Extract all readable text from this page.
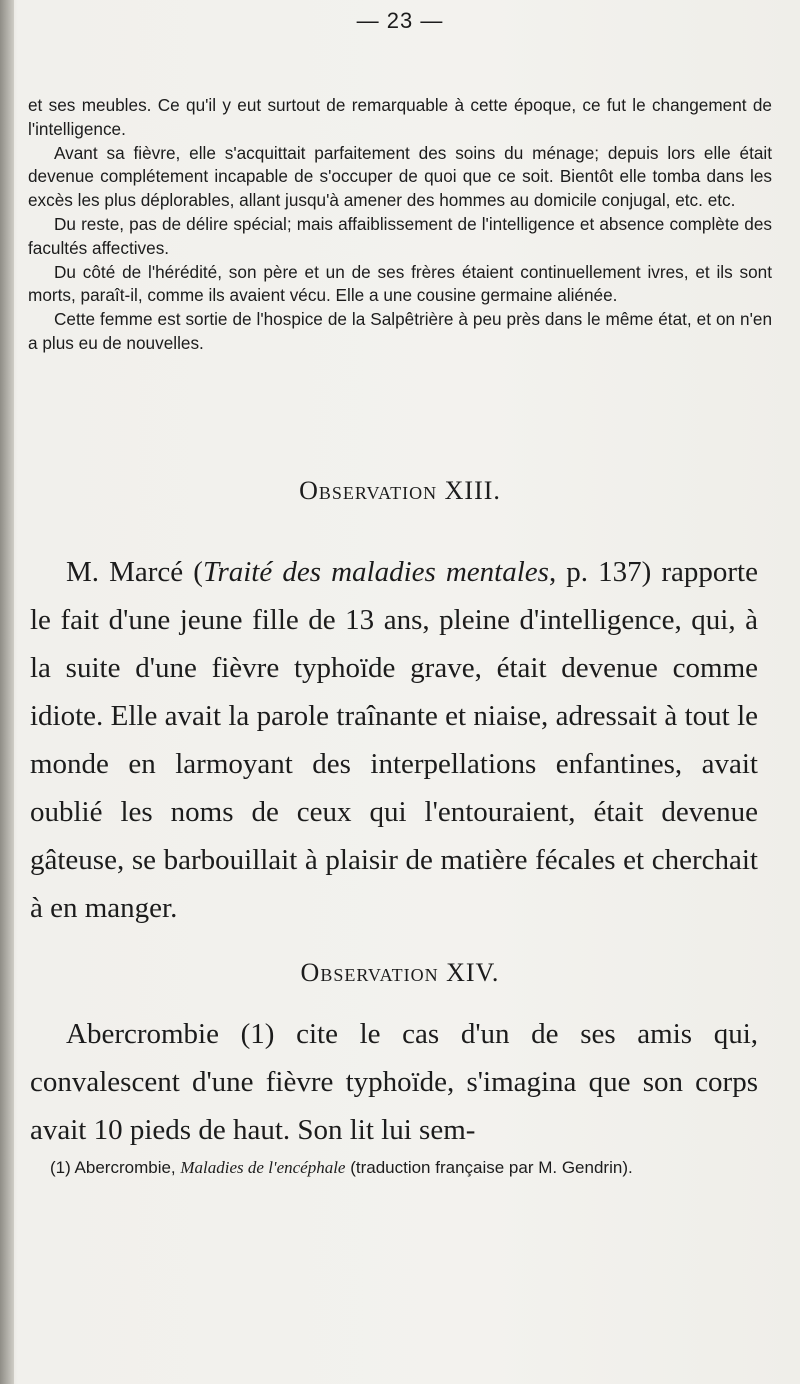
— 23 —

et ses meubles. Ce qu'il y eut surtout de remarquable à cette époque, ce fut le changement de l'intelligence.

Avant sa fièvre, elle s'acquittait parfaitement des soins du ménage; depuis lors elle était devenue complétement incapable de s'occuper de quoi que ce soit. Bientôt elle tomba dans les excès les plus déplorables, allant jusqu'à amener des hommes au domicile conjugal, etc. etc.

Du reste, pas de délire spécial; mais affaiblissement de l'intelligence et absence complète des facultés affectives.

Du côté de l'hérédité, son père et un de ses frères étaient continuellement ivres, et ils sont morts, paraît-il, comme ils avaient vécu. Elle a une cousine germaine aliénée.

Cette femme est sortie de l'hospice de la Salpêtrière à peu près dans le même état, et on n'en a plus eu de nouvelles.

Observation XIII.

M. Marcé (Traité des maladies mentales, p. 137) rapporte le fait d'une jeune fille de 13 ans, pleine d'intelligence, qui, à la suite d'une fièvre typhoïde grave, était devenue comme idiote. Elle avait la parole traînante et niaise, adressait à tout le monde en larmoyant des interpellations enfantines, avait oublié les noms de ceux qui l'entouraient, était devenue gâteuse, se barbouillait à plaisir de matière fécales et cherchait à en manger.

Observation XIV.

Abercrombie (1) cite le cas d'un de ses amis qui, convalescent d'une fièvre typhoïde, s'imagina que son corps avait 10 pieds de haut. Son lit lui sem-

(1) Abercrombie, Maladies de l'encéphale (traduction française par M. Gendrin).
